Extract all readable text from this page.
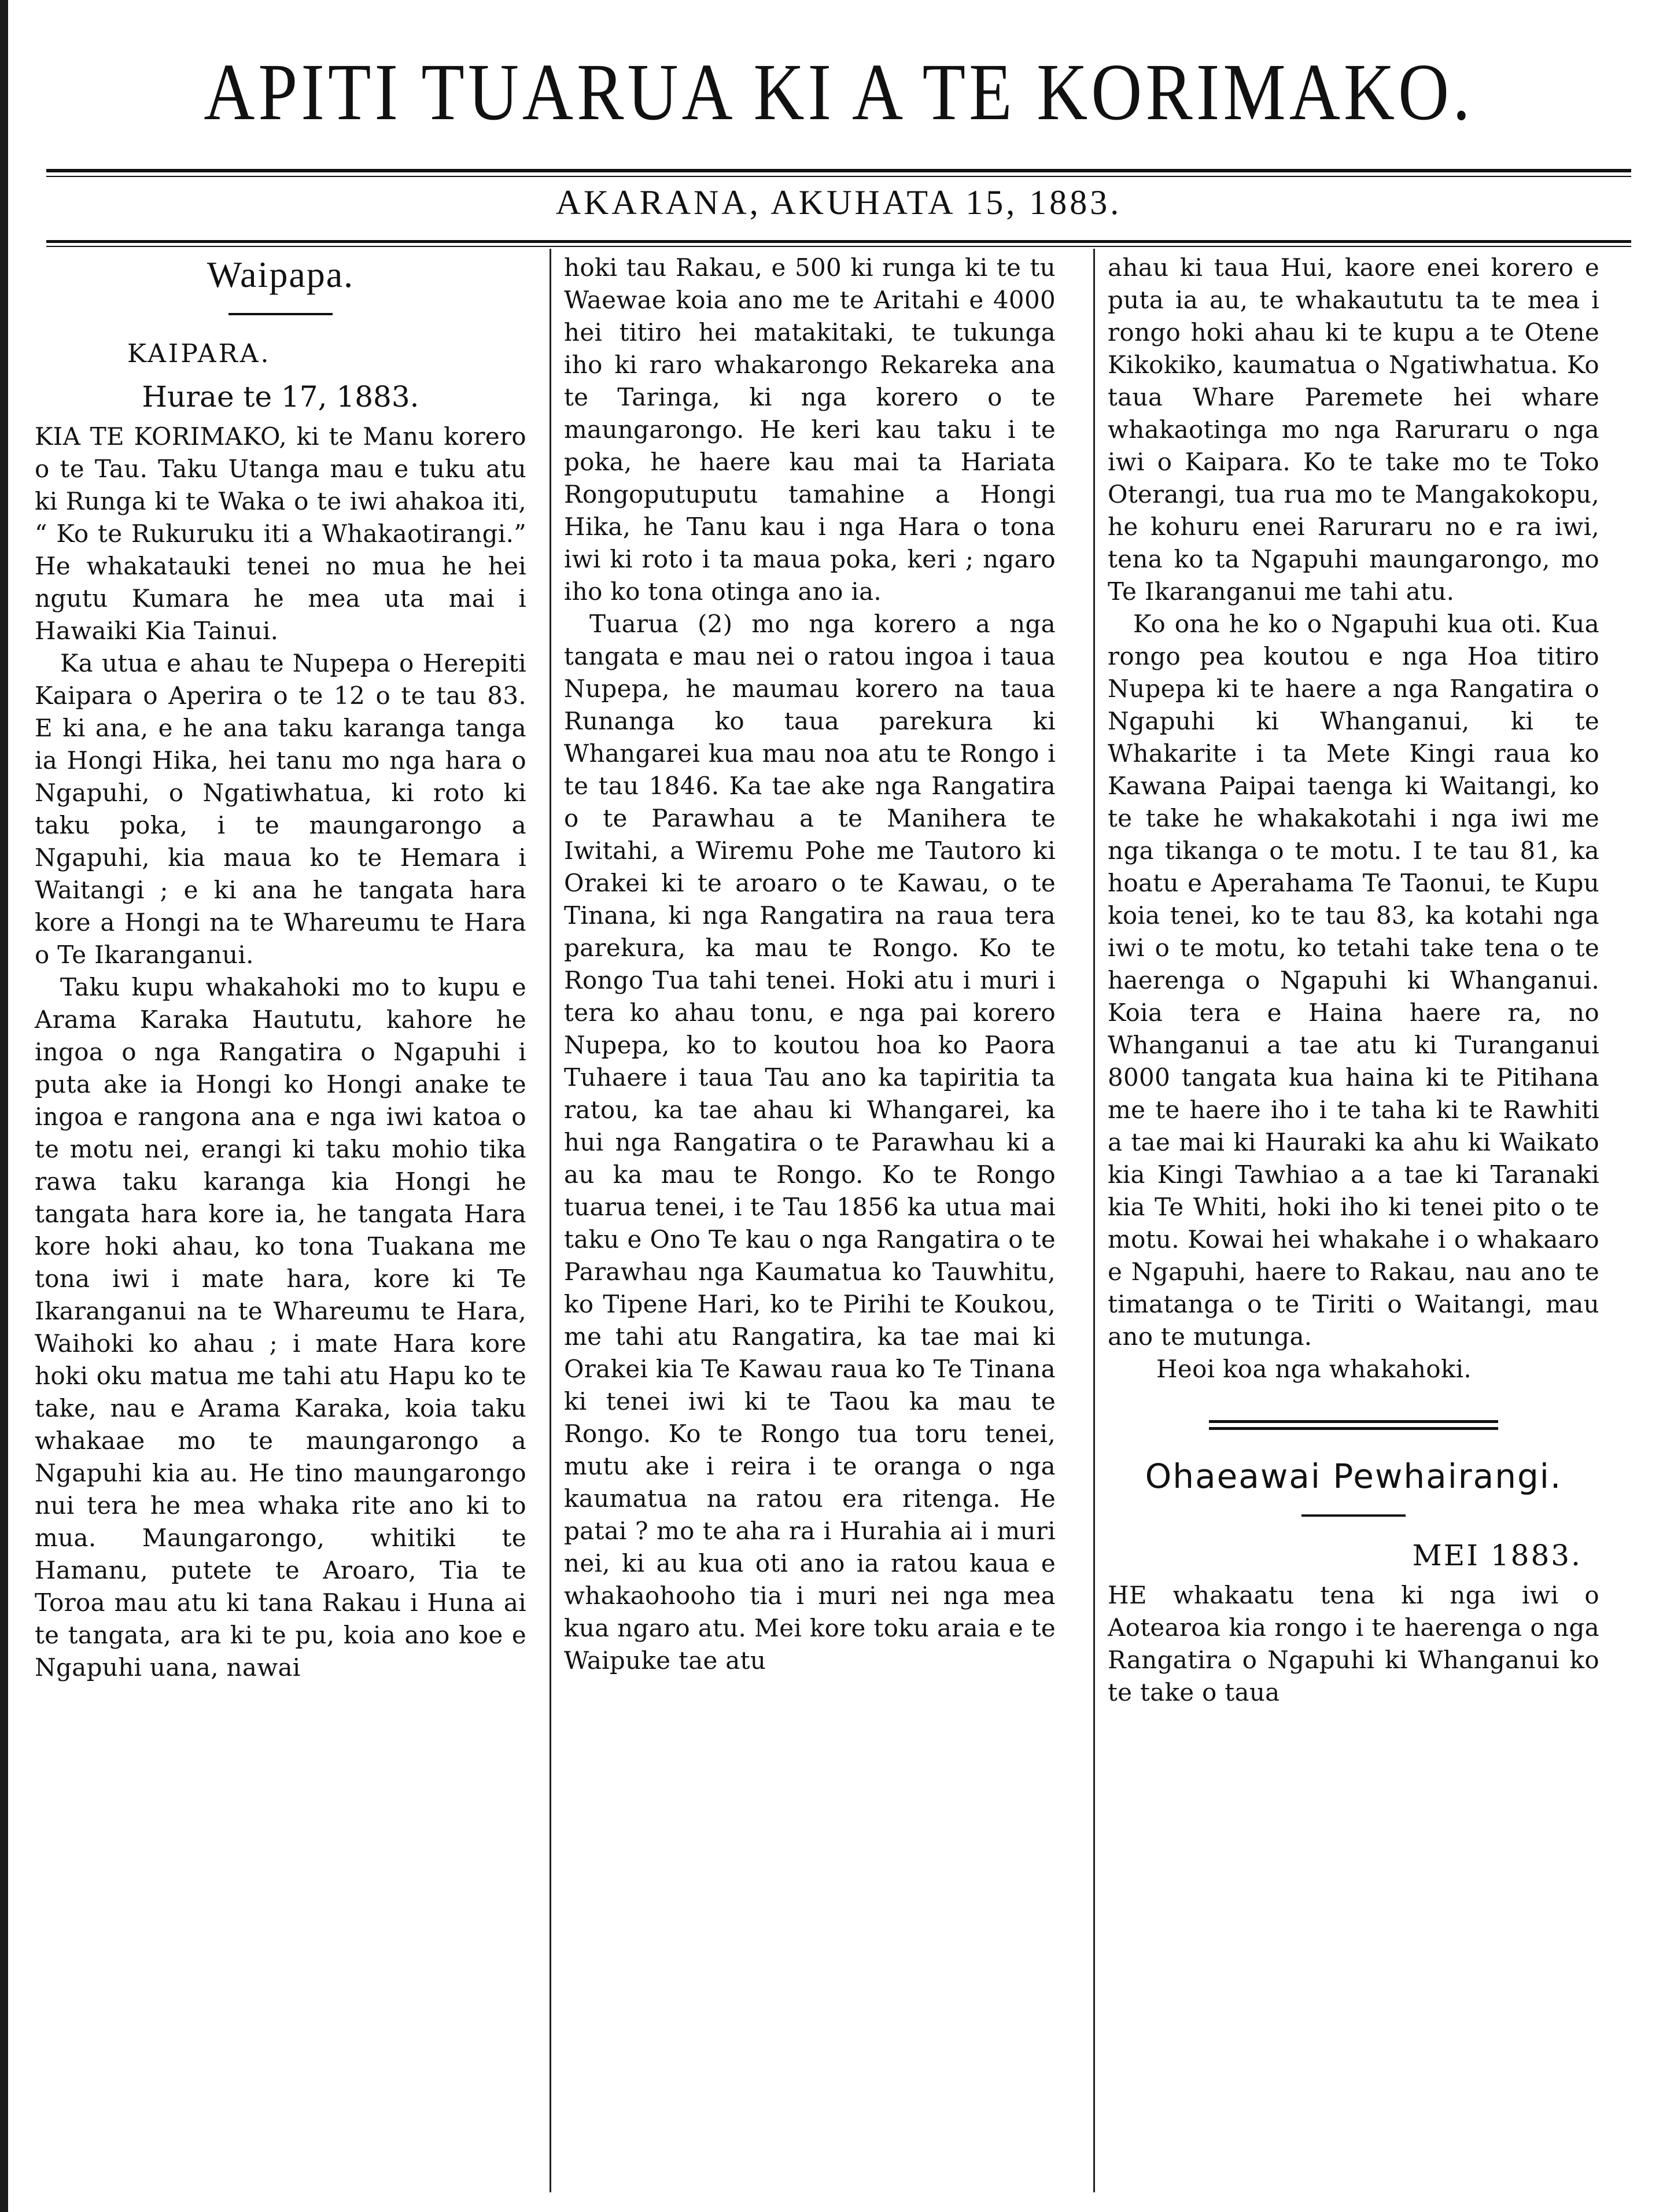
APITI TUARUA KI A TE KORIMAKO.
AKARANA, AKUHATA 15, 1883.
Waipapa.
KAIPARA.
Hurae te 17, 1883.

KIA TE KORIMAKO, ki te Manu korero o te Tau. Taku Utanga mau e tuku atu ki Runga ki te Waka o te iwi ahakoa iti, “ Ko te Rukuruku iti a Whakaotirangi.” He whakatauki tenei no mua he hei ngutu Kumara he mea uta mai i Hawaiki Kia Tainui.

Ka utua e ahau te Nupepa o Herepiti Kaipara o Aperira o te 12 o te tau 83. E ki ana, e he ana taku karanga tanga ia Hongi Hika, hei tanu mo nga hara o Ngapuhi, o Ngatiwhatua, ki roto ki taku poka, i te maungarongo a Ngapuhi, kia maua ko te Hemara i Waitangi ; e ki ana he tangata hara kore a Hongi na te Whareumu te Hara o Te Ikaranganui.

Taku kupu whakahoki mo to kupu e Arama Karaka Haututu, kahore he ingoa o nga Rangatira o Ngapuhi i puta ake ia Hongi ko Hongi anake te ingoa e rangona ana e nga iwi katoa o te motu nei, erangi ki taku mohio tika rawa taku karanga kia Hongi he tangata hara kore ia, he tangata Hara kore hoki ahau, ko tona Tuakana me tona iwi i mate hara, kore ki Te Ikaranganui na te Whareumu te Hara, Waihoki ko ahau ; i mate Hara kore hoki oku matua me tahi atu Hapu ko te take, nau e Arama Karaka, koia taku whakaae mo te maungarongo a Ngapuhi kia au. He tino maungarongo nui tera he mea whaka rite ano ki to mua. Maungarongo, whitiki te Hamanu, putete te Aroaro, Tia te Toroa mau atu ki tana Rakau i Huna ai te tangata, ara ki te pu, koia ano koe e Ngapuhi uana, nawai

hoki tau Rakau, e 500 ki runga ki te tu Waewae koia ano me te Aritahi e 4000 hei titiro hei matakitaki, te tukunga iho ki raro whakarongo Rekareka ana te Taringa, ki nga korero o te maungarongo. He keri kau taku i te poka, he haere kau mai ta Hariata Rongoputuputu tamahine a Hongi Hika, he Tanu kau i nga Hara o tona iwi ki roto i ta maua poka, keri ; ngaro iho ko tona otinga ano ia.

Tuarua (2) mo nga korero a nga tangata e mau nei o ratou ingoa i taua Nupepa, he maumau korero na taua Runanga ko taua parekura ki Whangarei kua mau noa atu te Rongo i te tau 1846. Ka tae ake nga Rangatira o te Parawhau a te Manihera te Iwitahi, a Wiremu Pohe me Tautoro ki Orakei ki te aroaro o te Kawau, o te Tinana, ki nga Rangatira na raua tera parekura, ka mau te Rongo. Ko te Rongo Tua tahi tenei. Hoki atu i muri i tera ko ahau tonu, e nga pai korero Nupepa, ko to koutou hoa ko Paora Tuhaere i taua Tau ano ka tapiritia ta ratou, ka tae ahau ki Whangarei, ka hui nga Rangatira o te Parawhau ki a au ka mau te Rongo. Ko te Rongo tuarua tenei, i te Tau 1856 ka utua mai taku e Ono Te kau o nga Rangatira o te Parawhau nga Kaumatua ko Tauwhitu, ko Tipene Hari, ko te Pirihi te Koukou, me tahi atu Rangatira, ka tae mai ki Orakei kia Te Kawau raua ko Te Tinana ki tenei iwi ki te Taou ka mau te Rongo. Ko te Rongo tua toru tenei, mutu ake i reira i te oranga o nga kaumatua na ratou era ritenga. He patai ? mo te aha ra i Hurahia ai i muri nei, ki au kua oti ano ia ratou kaua e whakaohooho tia i muri nei nga mea kua ngaro atu. Mei kore toku araia e te Waipuke tae atu

ahau ki taua Hui, kaore enei korero e puta ia au, te whakaututu ta te mea i rongo hoki ahau ki te kupu a te Otene Kikokiko, kaumatua o Ngatiwhatua. Ko taua Whare Paremete hei whare whakaotinga mo nga Raruraru o nga iwi o Kaipara. Ko te take mo te Toko Oterangi, tua rua mo te Mangakokopu, he kohuru enei Raruraru no e ra iwi, tena ko ta Ngapuhi maungarongo, mo Te Ikaranganui me tahi atu.

Ko ona he ko o Ngapuhi kua oti. Kua rongo pea koutou e nga Hoa titiro Nupepa ki te haere a nga Rangatira o Ngapuhi ki Whanganui, ki te Whakarite i ta Mete Kingi raua ko Kawana Paipai taenga ki Waitangi, ko te take he whakakotahi i nga iwi me nga tikanga o te motu. I te tau 81, ka hoatu e Aperahama Te Taonui, te Kupu koia tenei, ko te tau 83, ka kotahi nga iwi o te motu, ko tetahi take tena o te haerenga o Ngapuhi ki Whanganui. Koia tera e Haina haere ra, no Whanganui a tae atu ki Turanganui 8000 tangata kua haina ki te Pitihana me te haere iho i te taha ki te Rawhiti a tae mai ki Hauraki ka ahu ki Waikato kia Kingi Tawhiao a a tae ki Taranaki kia Te Whiti, hoki iho ki tenei pito o te motu. Kowai hei whakahe i o whakaaro e Ngapuhi, haere to Rakau, nau ano te timatanga o te Tiriti o Waitangi, mau ano te mutunga.

Heoi koa nga whakahoki.

Ohaeawai Pewhairangi.
MEI 1883.

HE whakaatu tena ki nga iwi o Aotearoa kia rongo i te haerenga o nga Rangatira o Ngapuhi ki Whanganui ko te take o taua
